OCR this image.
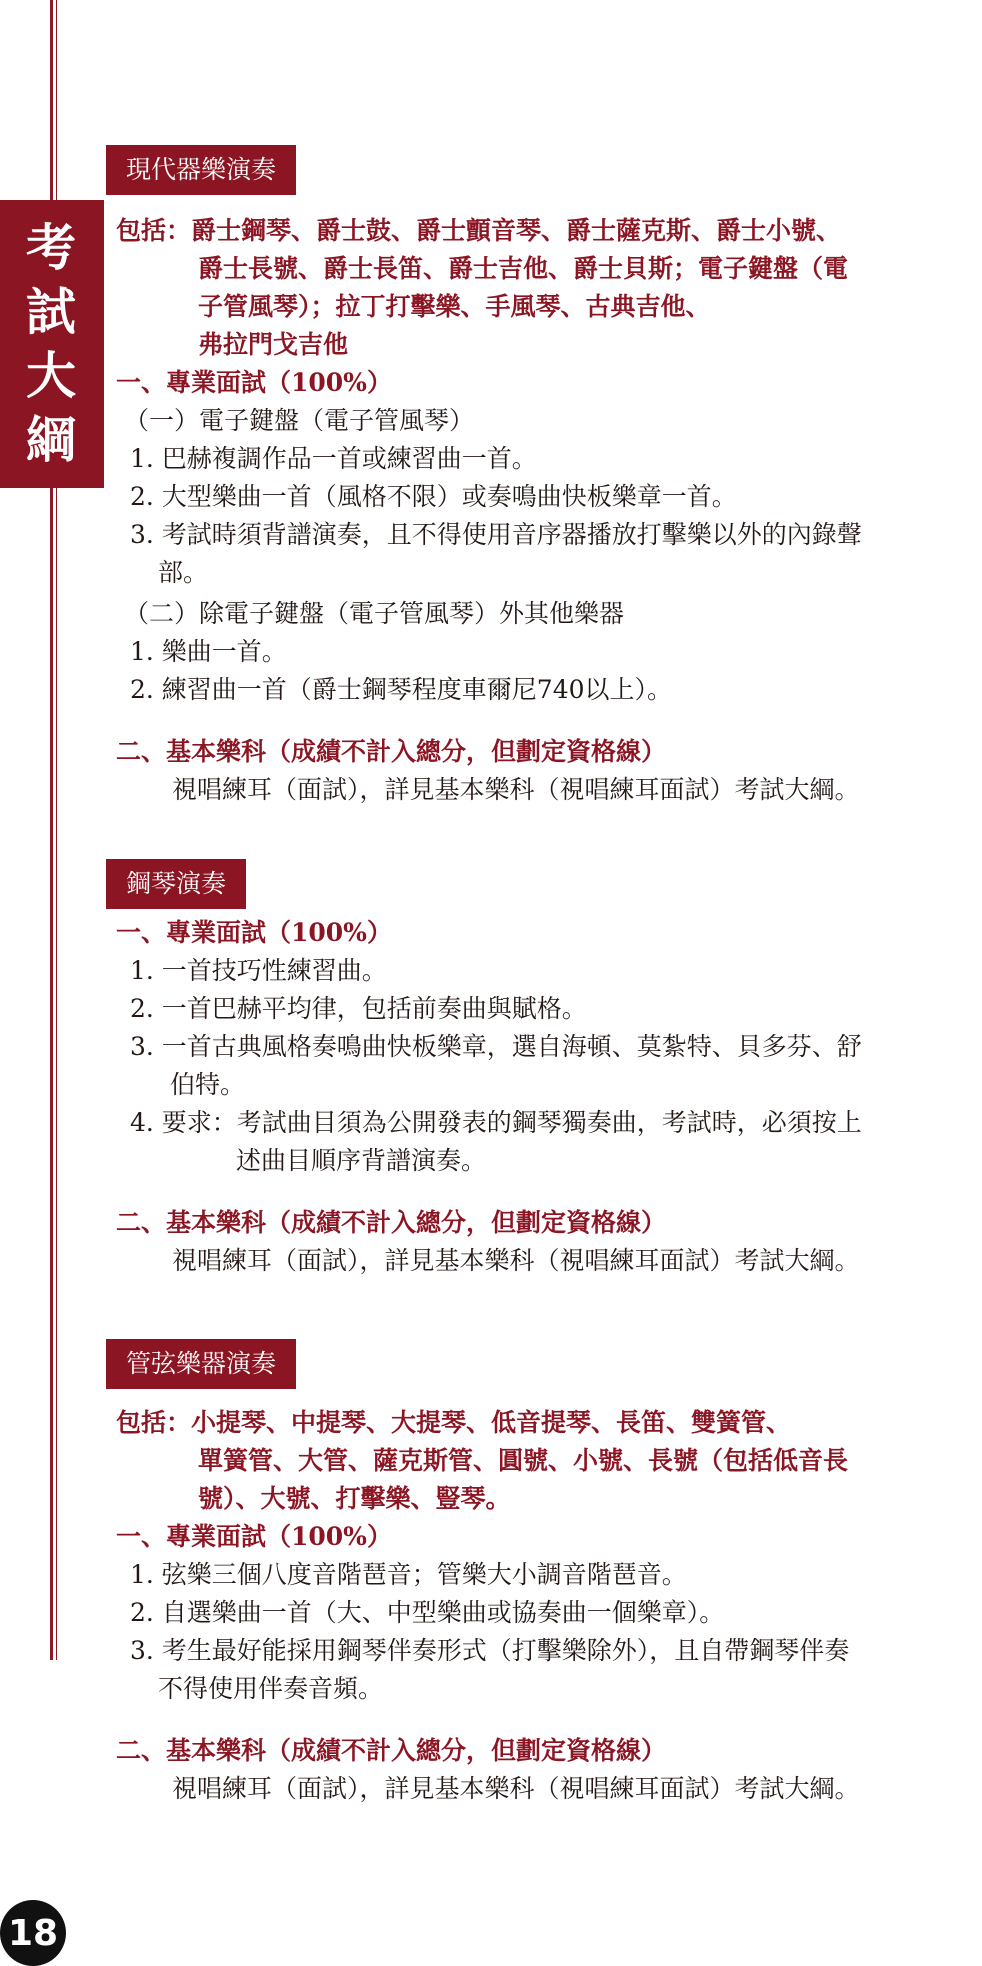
考
試
大
綱
現代器樂演奏
包括：爵士鋼琴、爵士鼓、爵士顫音琴、爵士薩克斯、爵士小號、
爵士長號、爵士長笛、爵士吉他、爵士貝斯；電子鍵盤（電
子管風琴）；拉丁打擊樂、手風琴、古典吉他、
弗拉門戈吉他
一、專業面試（100%）
（一）電子鍵盤（電子管風琴）
1. 巴赫複調作品一首或練習曲一首。
2. 大型樂曲一首（風格不限）或奏鳴曲快板樂章一首。
3. 考試時須背譜演奏，且不得使用音序器播放打擊樂以外的內錄聲
部。
（二）除電子鍵盤（電子管風琴）外其他樂器
1. 樂曲一首。
2. 練習曲一首（爵士鋼琴程度車爾尼740以上）。
二、基本樂科（成績不計入總分，但劃定資格線）
視唱練耳（面試），詳見基本樂科（視唱練耳面試）考試大綱。
鋼琴演奏
一、專業面試（100%）
1. 一首技巧性練習曲。
2. 一首巴赫平均律，包括前奏曲與賦格。
3. 一首古典風格奏鳴曲快板樂章，選自海頓、莫紮特、貝多芬、舒
伯特。
4. 要求：考試曲目須為公開發表的鋼琴獨奏曲，考試時，必須按上
述曲目順序背譜演奏。
二、基本樂科（成績不計入總分，但劃定資格線）
視唱練耳（面試），詳見基本樂科（視唱練耳面試）考試大綱。
管弦樂器演奏
包括：小提琴、中提琴、大提琴、低音提琴、長笛、雙簧管、
單簧管、大管、薩克斯管、圓號、小號、長號（包括低音長
號）、大號、打擊樂、豎琴。
一、專業面試（100%）
1. 弦樂三個八度音階琶音；管樂大小調音階琶音。
2. 自選樂曲一首（大、中型樂曲或協奏曲一個樂章）。
3. 考生最好能採用鋼琴伴奏形式（打擊樂除外），且自帶鋼琴伴奏
不得使用伴奏音頻。
二、基本樂科（成績不計入總分，但劃定資格線）
視唱練耳（面試），詳見基本樂科（視唱練耳面試）考試大綱。
18
